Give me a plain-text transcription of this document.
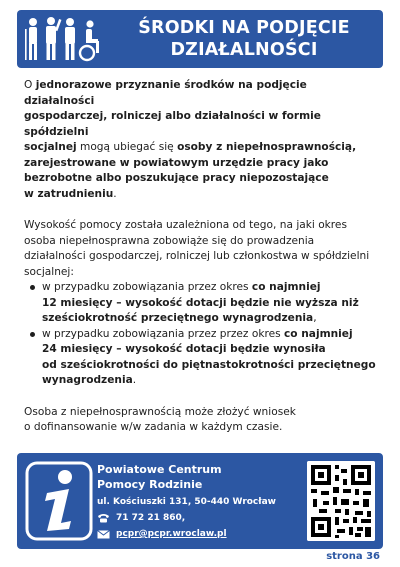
ŚRODKI NA PODJĘCIE
DZIAŁALNOŚCI

O jednorazowe przyznanie środków na podjęcie działalności
gospodarczej, rolniczej albo działalności w formie spółdzielni
socjalnej mogą ubiegać się osoby z niepełnosprawnością,
zarejestrowane w powiatowym urzędzie pracy jako
bezrobotne albo poszukujące pracy niepozostające
w zatrudnieniu.

Wysokość pomocy została uzależniona od tego, na jaki okres
osoba niepełnosprawna zobowiąże się do prowadzenia
działalności gospodarczej, rolniczej lub członkostwa w spółdzielni
socjalnej:

w przypadku zobowiązania przez okres co najmniej
12 miesięcy – wysokość dotacji będzie nie wyższa niż
sześciokrotność przeciętnego wynagrodzenia,
w przypadku zobowiązania przez przez okres co najmniej
24 miesięcy – wysokość dotacji będzie wynosiła
od sześciokrotności do piętnastokrotności przeciętnego
wynagrodzenia.

Osoba z niepełnosprawnością może złożyć wniosek
o dofinansowanie w/w zadania w każdym czasie.

Powiatowe Centrum
Pomocy Rodzinie
ul. Kościuszki 131, 50-440 Wrocław
71 72 21 860,
pcpr@pcpr.wroclaw.pl
strona 36
